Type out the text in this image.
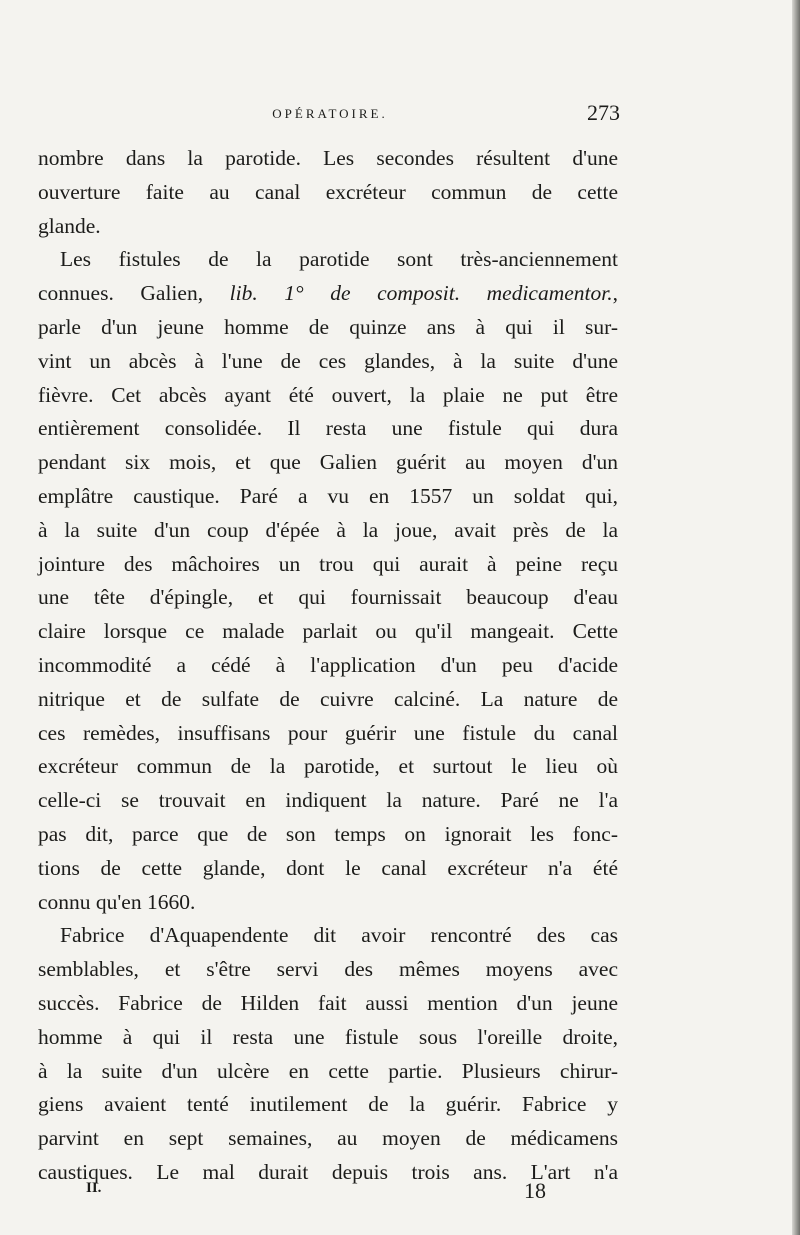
OPÉRATOIRE.	273
nombre dans la parotide. Les secondes résultent d'une
ouverture faite au canal excréteur commun de cette
glande.
Les fistules de la parotide sont très-anciennement
connues. Galien, lib. 1° de composit. medicamentor.,
parle d'un jeune homme de quinze ans à qui il sur-
vint un abcès à l'une de ces glandes, à la suite d'une
fièvre. Cet abcès ayant été ouvert, la plaie ne put être
entièrement consolidée. Il resta une fistule qui dura
pendant six mois, et que Galien guérit au moyen d'un
emplâtre caustique. Paré a vu en 1557 un soldat qui,
à la suite d'un coup d'épée à la joue, avait près de la
jointure des mâchoires un trou qui aurait à peine reçu
une tête d'épingle, et qui fournissait beaucoup d'eau
claire lorsque ce malade parlait ou qu'il mangeait. Cette
incommodité a cédé à l'application d'un peu d'acide
nitrique et de sulfate de cuivre calciné. La nature de
ces remèdes, insuffisans pour guérir une fistule du canal
excréteur commun de la parotide, et surtout le lieu où
celle-ci se trouvait en indiquent la nature. Paré ne l'a
pas dit, parce que de son temps on ignorait les fonc-
tions de cette glande, dont le canal excréteur n'a été
connu qu'en 1660.
Fabrice d'Aquapendente dit avoir rencontré des cas
semblables, et s'être servi des mêmes moyens avec
succès. Fabrice de Hilden fait aussi mention d'un jeune
homme à qui il resta une fistule sous l'oreille droite,
à la suite d'un ulcère en cette partie. Plusieurs chirur-
giens avaient tenté inutilement de la guérir. Fabrice y
parvint en sept semaines, au moyen de médicamens
caustiques. Le mal durait depuis trois ans. L'art n'a
II.	18
